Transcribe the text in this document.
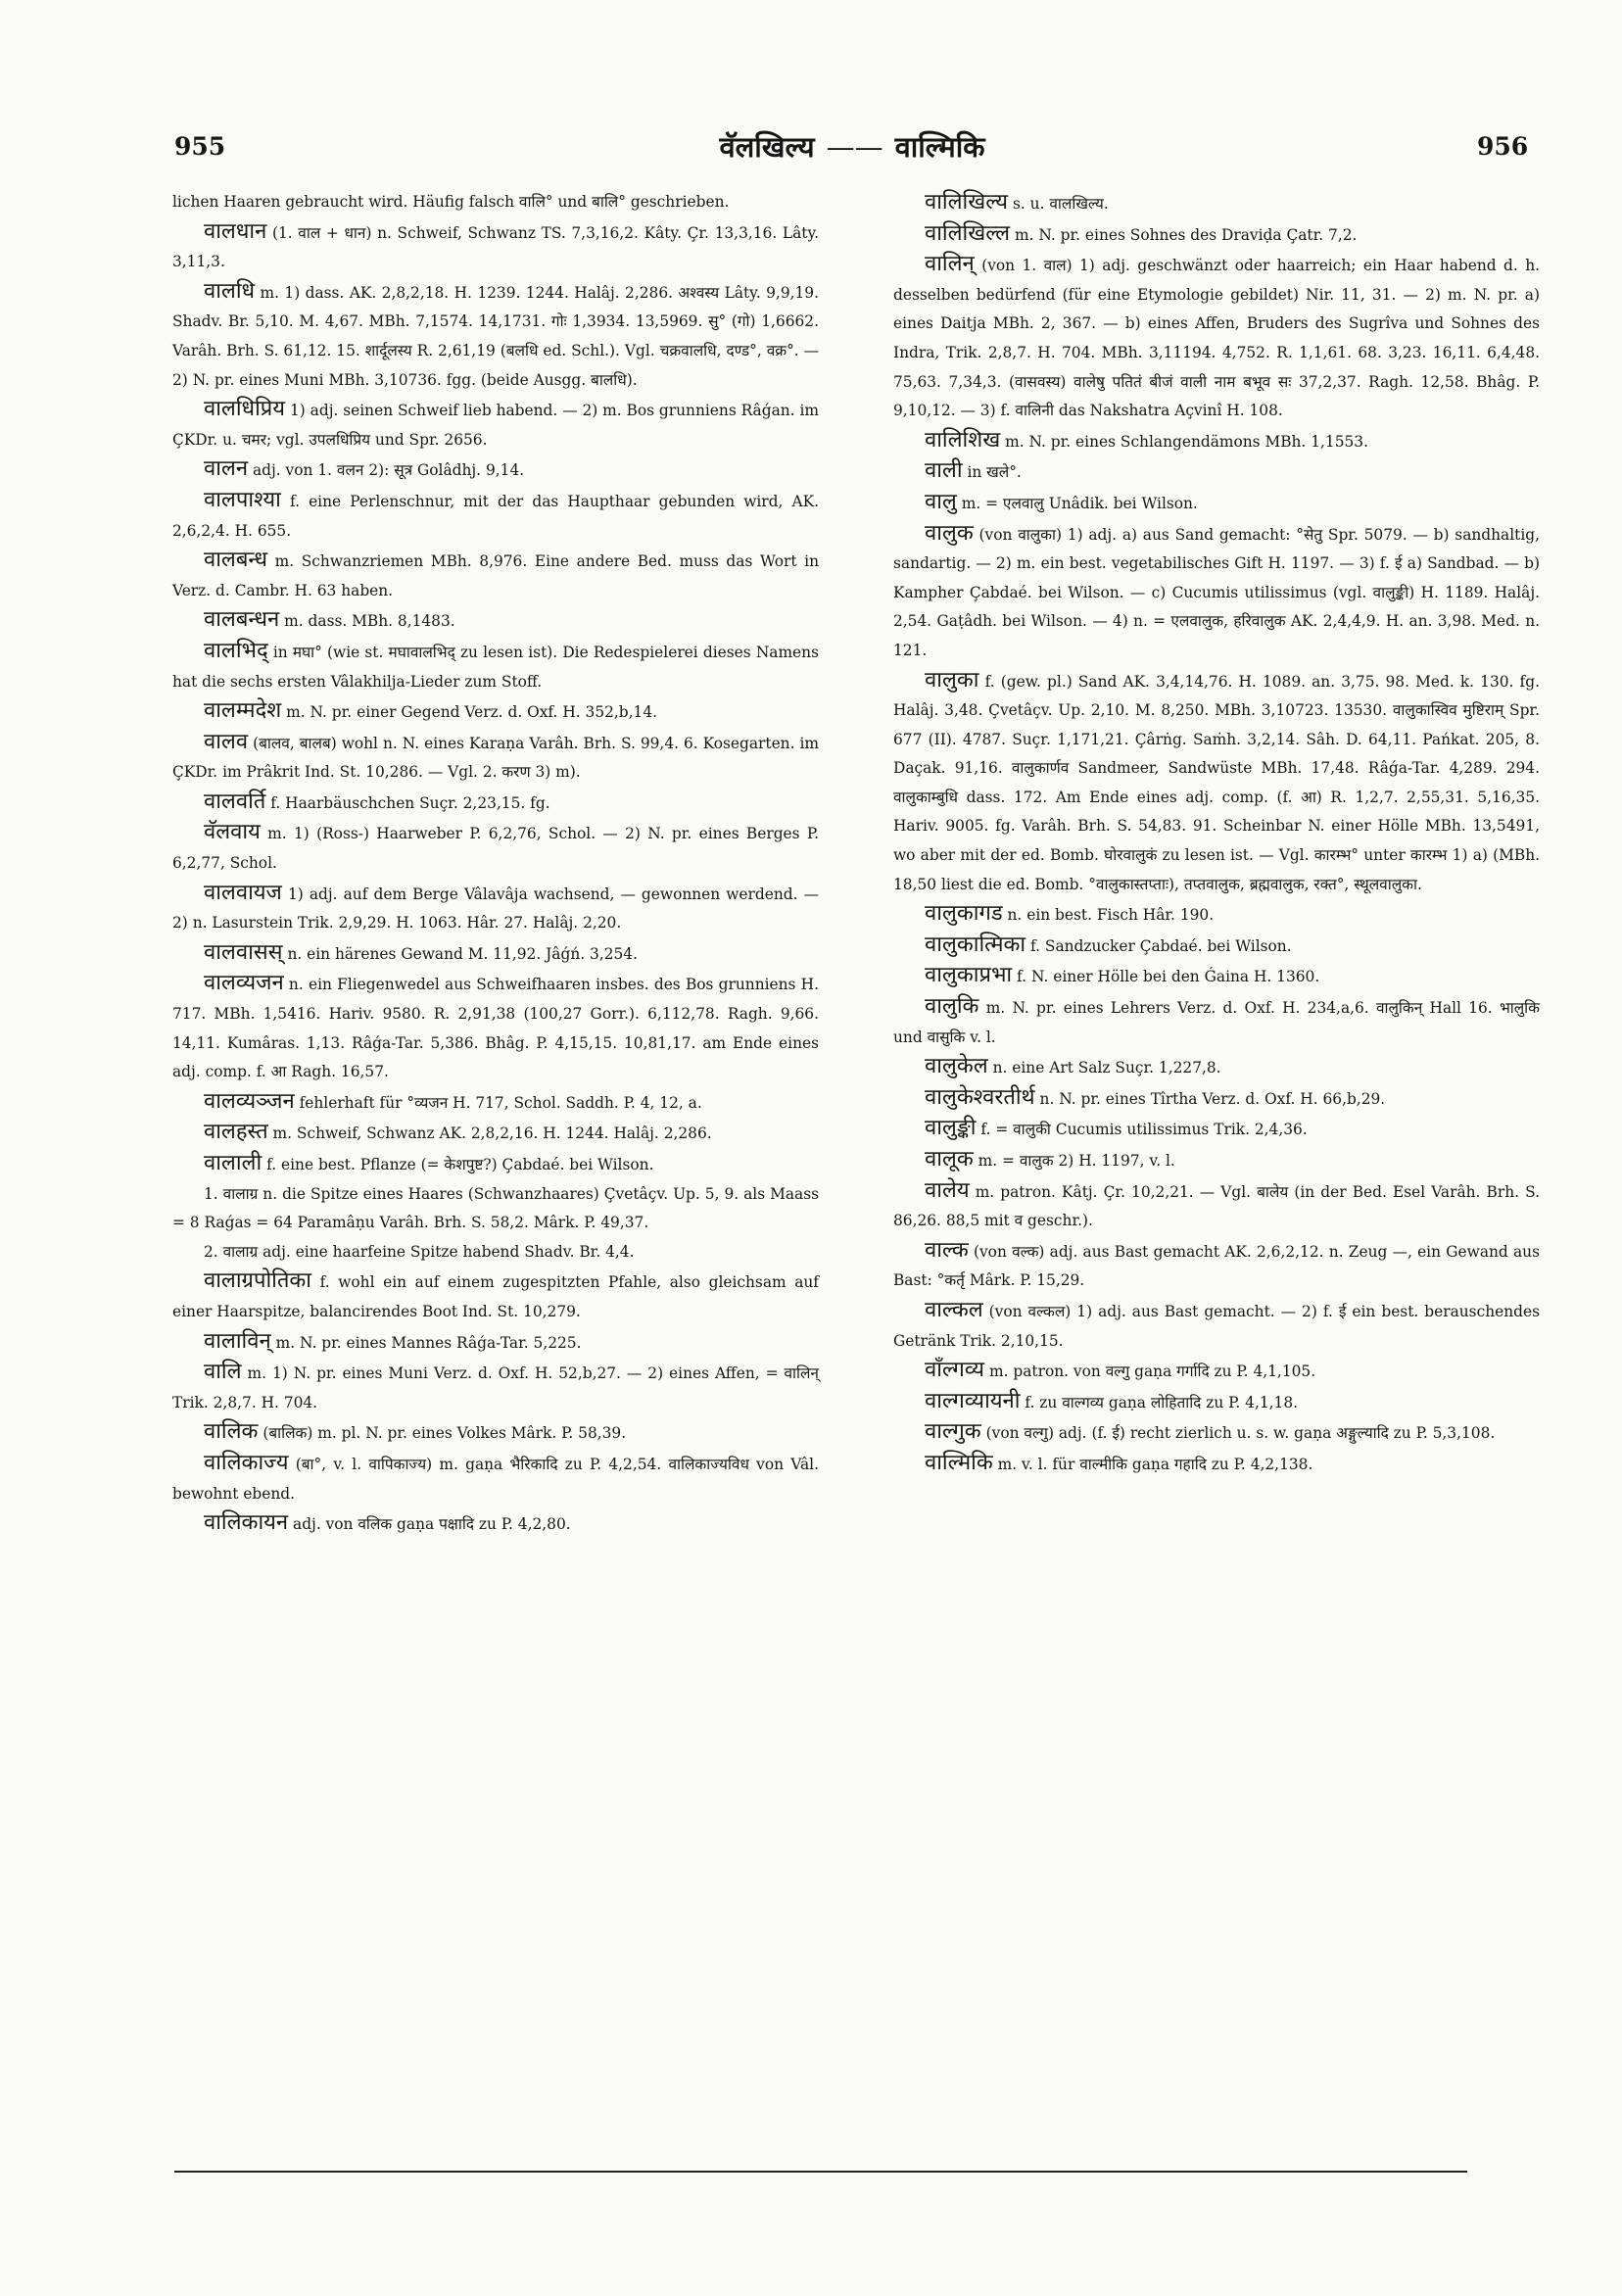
955	वॅलखिल्य —— वाल्मिकि	956

lichen Haaren gebraucht wird. Häufig falsch वालि° und बालि° geschrieben.

वालधान (1. वाल + धान) n. Schweif, Schwanz TS. 7,3,16,2. Kâty. Çr. 13,3,16. Lâty. 3,11,3.

वालधि m. 1) dass. AK. 2,8,2,18. H. 1239. 1244. Halâj. 2,286. अश्वस्य Lâty. 9,9,19. Shadv. Br. 5,10. M. 4,67. MBh. 7,1574. 14,1731. गोः 1,3934. 13,5969. सु° (गो) 1,6662. Varâh. Brh. S. 61,12. 15. शार्दूलस्य R. 2,61,19 (बलधि ed. Schl.). Vgl. चक्रवालधि, दण्ड°, वक्र°. — 2) N. pr. eines Muni MBh. 3,10736. fgg. (beide Ausgg. बालधि).

वालधिप्रिय 1) adj. seinen Schweif lieb habend. — 2) m. Bos grunniens Râǵan. im ÇKDr. u. चमर; vgl. उपलधिप्रिय und Spr. 2656.

वालन adj. von 1. वलन 2): सूत्र Golâdhj. 9,14.

वालपाश्या f. eine Perlenschnur, mit der das Haupthaar gebunden wird, AK. 2,6,2,4. H. 655.

वालबन्ध m. Schwanzriemen MBh. 8,976. Eine andere Bed. muss das Wort in Verz. d. Cambr. H. 63 haben.

वालबन्धन m. dass. MBh. 8,1483.

वालभिद् in मघा° (wie st. मघावालभिद् zu lesen ist). Die Redespielerei dieses Namens hat die sechs ersten Vâlakhilja-Lieder zum Stoff.

वालम्मदेश m. N. pr. einer Gegend Verz. d. Oxf. H. 352,b,14.

वालव (बालव, बालब) wohl n. N. eines Karaṇa Varâh. Brh. S. 99,4. 6. Kosegarten. im ÇKDr. im Prâkrit Ind. St. 10,286. — Vgl. 2. करण 3) m).

वालवर्ति f. Haarbäuschchen Suçr. 2,23,15. fg.

वॅलवाय m. 1) (Ross-) Haarweber P. 6,2,76, Schol. — 2) N. pr. eines Berges P. 6,2,77, Schol.

वालवायज 1) adj. auf dem Berge Vâlavâja wachsend, — gewonnen werdend. — 2) n. Lasurstein Trik. 2,9,29. H. 1063. Hâr. 27. Halâj. 2,20.

वालवासस् n. ein härenes Gewand M. 11,92. Jâǵń. 3,254.

वालव्यजन n. ein Fliegenwedel aus Schweifhaaren insbes. des Bos grunniens H. 717. MBh. 1,5416. Hariv. 9580. R. 2,91,38 (100,27 Gorr.). 6,112,78. Ragh. 9,66. 14,11. Kumâras. 1,13. Râǵa-Tar. 5,386. Bhâg. P. 4,15,15. 10,81,17. am Ende eines adj. comp. f. आ Ragh. 16,57.

वालव्यञ्जन fehlerhaft für °व्यजन H. 717, Schol. Saddh. P. 4, 12, a.

वालहस्त m. Schweif, Schwanz AK. 2,8,2,16. H. 1244. Halâj. 2,286.

वालाली f. eine best. Pflanze (= केशपुष्ट?) Çabdaé. bei Wilson.

1. वालाग्र n. die Spitze eines Haares (Schwanzhaares) Çvetâçv. Up. 5, 9. als Maass = 8 Raǵas = 64 Paramâṇu Varâh. Brh. S. 58,2. Mârk. P. 49,37.

2. वालाग्र adj. eine haarfeine Spitze habend Shadv. Br. 4,4.

वालाग्रपोतिका f. wohl ein auf einem zugespitzten Pfahle, also gleichsam auf einer Haarspitze, balancirendes Boot Ind. St. 10,279.

वालाविन् m. N. pr. eines Mannes Râǵa-Tar. 5,225.

वालि m. 1) N. pr. eines Muni Verz. d. Oxf. H. 52,b,27. — 2) eines Affen, = वालिन् Trik. 2,8,7. H. 704.

वालिक (बालिक) m. pl. N. pr. eines Volkes Mârk. P. 58,39.

वालिकाज्य (बा°, v. l. वापिकाज्य) m. gaṇa भैरिकादि zu P. 4,2,54. वालिकाज्यविध von Vâl. bewohnt ebend.

वालिकायन adj. von वलिक gaṇa पक्षादि zu P. 4,2,80.

वालिखिल्य s. u. वालखिल्य.

वालिखिल्ल m. N. pr. eines Sohnes des Draviḍa Çatr. 7,2.

वालिन् (von 1. वाल) 1) adj. geschwänzt oder haarreich; ein Haar habend d. h. desselben bedürfend (für eine Etymologie gebildet) Nir. 11, 31. — 2) m. N. pr. a) eines Daitja MBh. 2, 367. — b) eines Affen, Bruders des Sugrîva und Sohnes des Indra, Trik. 2,8,7. H. 704. MBh. 3,11194. 4,752. R. 1,1,61. 68. 3,23. 16,11. 6,4,48. 75,63. 7,34,3. (वासवस्य) वालेषु पतितं बीजं वाली नाम बभूव सः 37,2,37. Ragh. 12,58. Bhâg. P. 9,10,12. — 3) f. वालिनी das Nakshatra Açvinî H. 108.

वालिशिख m. N. pr. eines Schlangendämons MBh. 1,1553.

वाली in खले°.

वालु m. = एलवालु Unâdik. bei Wilson.

वालुक (von वालुका) 1) adj. a) aus Sand gemacht: °सेतु Spr. 5079. — b) sandhaltig, sandartig. — 2) m. ein best. vegetabilisches Gift H. 1197. — 3) f. ई a) Sandbad. — b) Kampher Çabdaé. bei Wilson. — c) Cucumis utilissimus (vgl. वालुङ्की) H. 1189. Halâj. 2,54. Gaṭâdh. bei Wilson. — 4) n. = एलवालुक, हरिवालुक AK. 2,4,4,9. H. an. 3,98. Med. n. 121.

वालुका f. (gew. pl.) Sand AK. 3,4,14,76. H. 1089. an. 3,75. 98. Med. k. 130. fg. Halâj. 3,48. Çvetâçv. Up. 2,10. M. 8,250. MBh. 3,10723. 13530. वालुकास्विव मुष्टिराम् Spr. 677 (II). 4787. Suçr. 1,171,21. Çârṅg. Saṁh. 3,2,14. Sâh. D. 64,11. Pańkat. 205, 8. Daçak. 91,16. वालुकार्णव Sandmeer, Sandwüste MBh. 17,48. Râǵa-Tar. 4,289. 294. वालुकाम्बुधि dass. 172. Am Ende eines adj. comp. (f. आ) R. 1,2,7. 2,55,31. 5,16,35. Hariv. 9005. fg. Varâh. Brh. S. 54,83. 91. Scheinbar N. einer Hölle MBh. 13,5491, wo aber mit der ed. Bomb. घोरवालुकं zu lesen ist. — Vgl. कारम्भ° unter कारम्भ 1) a) (MBh. 18,50 liest die ed. Bomb. °वालुकास्तप्ताः), तप्तवालुक, ब्रह्मवालुक, रक्त°, स्थूलवालुका.

वालुकागड n. ein best. Fisch Hâr. 190.

वालुकात्मिका f. Sandzucker Çabdaé. bei Wilson.

वालुकाप्रभा f. N. einer Hölle bei den Ǵaina H. 1360.

वालुकि m. N. pr. eines Lehrers Verz. d. Oxf. H. 234,a,6. वालुकिन् Hall 16. भालुकि und वासुकि v. l.

वालुकेल n. eine Art Salz Suçr. 1,227,8.

वालुकेश्वरतीर्थ n. N. pr. eines Tîrtha Verz. d. Oxf. H. 66,b,29.

वालुङ्की f. = वालुकी Cucumis utilissimus Trik. 2,4,36.

वालूक m. = वालुक 2) H. 1197, v. l.

वालेय m. patron. Kâtj. Çr. 10,2,21. — Vgl. बालेय (in der Bed. Esel Varâh. Brh. S. 86,26. 88,5 mit व geschr.).

वाल्क (von वल्क) adj. aus Bast gemacht AK. 2,6,2,12. n. Zeug —, ein Gewand aus Bast: °कर्तृ Mârk. P. 15,29.

वाल्कल (von वल्कल) 1) adj. aus Bast gemacht. — 2) f. ई ein best. berauschendes Getränk Trik. 2,10,15.

वाँल्गव्य m. patron. von वल्गु gaṇa गर्गादि zu P. 4,1,105.

वाल्गव्यायनी f. zu वाल्गव्य gaṇa लोहितादि zu P. 4,1,18.

वाल्गुक (von वल्गु) adj. (f. ई) recht zierlich u. s. w. gaṇa अङ्गुल्यादि zu P. 5,3,108.

वाल्मिकि m. v. l. für वाल्मीकि gaṇa गहादि zu P. 4,2,138.
